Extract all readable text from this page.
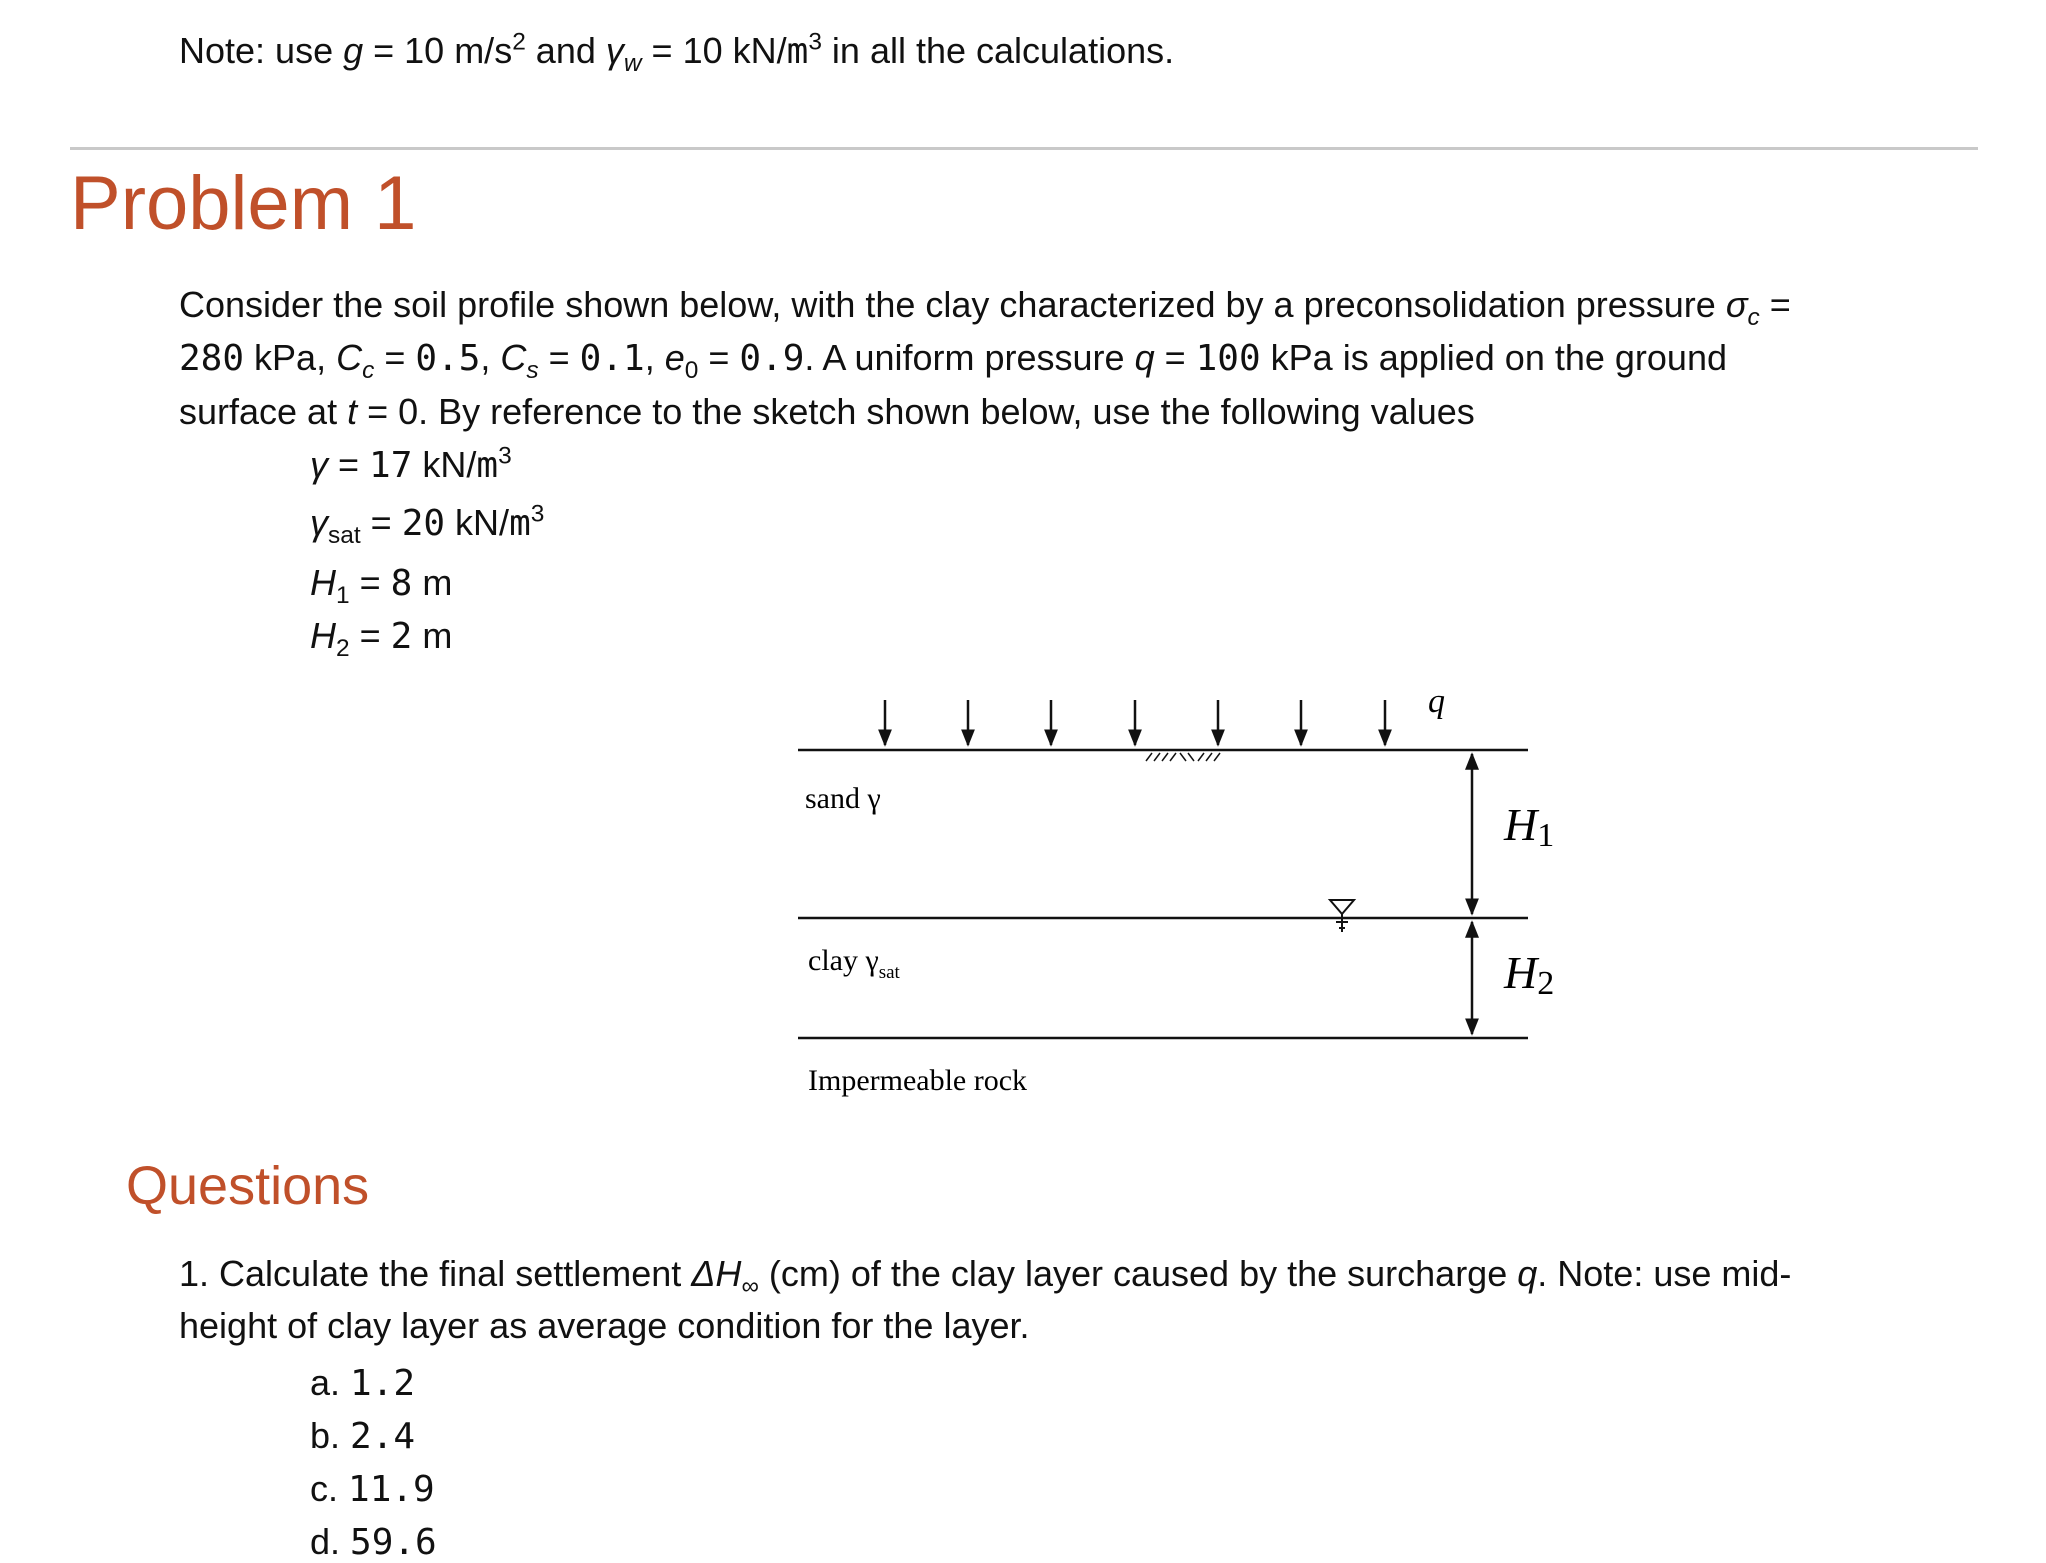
Note: use g = 10 $m/s^2$ and $\gamma_w = 10$ $kN/m^3$ in all the calculations.
Problem 1
Consider the soil profile shown below, with the clay characterized by a preconsolidation pressure $\sigma_c$ =
280 kPa, $C_c = 0.5$, $C_s = 0.1$, $e_0 = 0.9$. A uniform pressure q = 100 kPa is applied on the ground
surface at t = 0. By reference to the sketch shown below, use the following values
γ = 17 $kN/m^3$
$\gamma_{sat} = 20$ $kN/m^3$
$H_1 = 8$ m
$H_2 = 2$ m
q
sand γ
clay $\gamma_{sat}$
Impermeable rock
H1
H2
Questions
1. Calculate the final settlement $\Delta H_\infty$ (cm) of the clay layer caused by the surcharge q. Note: use mid-
height of clay layer as average condition for the layer.
a. 1.2
b. 2.4
c. 11.9
d. 59.6
